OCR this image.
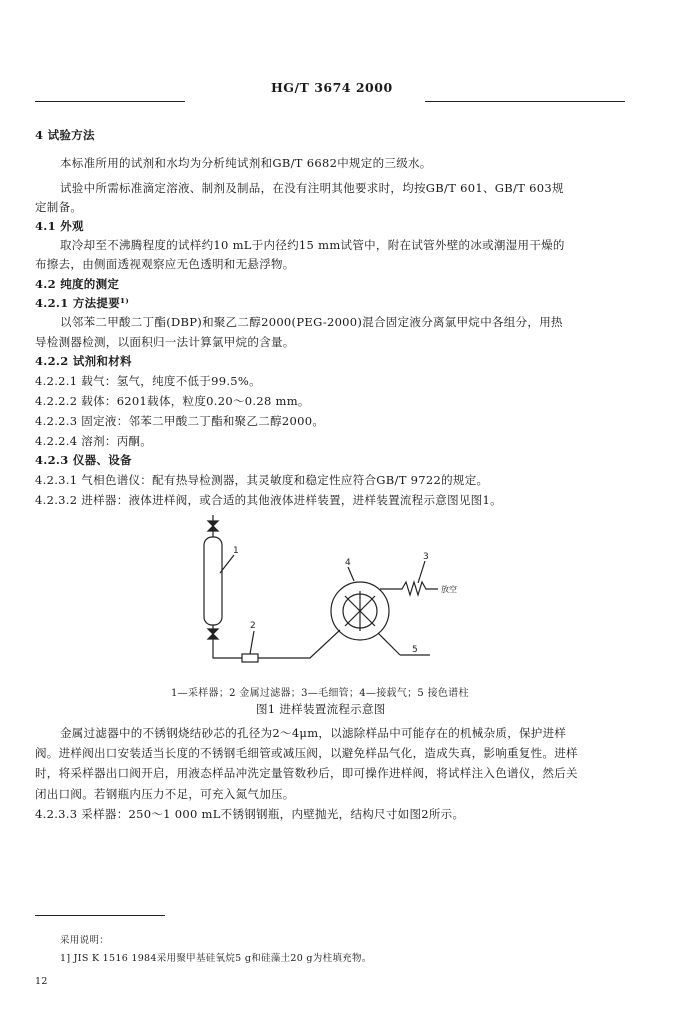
HG/T 3674 2000
4 试验方法
本标准所用的试剂和水均为分析纯试剂和GB/T 6682中规定的三级水。
试验中所需标准滴定溶液、制剂及制品，在没有注明其他要求时，均按GB/T 601、GB/T 603规
定制备。
4.1 外观
取冷却至不沸腾程度的试样约10 mL于内径约15 mm试管中，附在试管外壁的冰或潮湿用干燥的
布擦去，由侧面透视观察应无色透明和无悬浮物。
4.2 纯度的测定
4.2.1 方法提要¹⁾
以邻苯二甲酸二丁酯(DBP)和聚乙二醇2000(PEG-2000)混合固定液分离氯甲烷中各组分，用热
导检测器检测，以面积归一法计算氯甲烷的含量。
4.2.2 试剂和材料
4.2.2.1 载气：氢气，纯度不低于99.5%。
4.2.2.2 载体：6201载体，粒度0.20～0.28 mm。
4.2.2.3 固定液：邻苯二甲酸二丁酯和聚乙二醇2000。
4.2.2.4 溶剂：丙酮。
4.2.3 仪器、设备
4.2.3.1 气相色谱仪：配有热导检测器，其灵敏度和稳定性应符合GB/T 9722的规定。
4.2.3.2 进样器：液体进样阀，或合适的其他液体进样装置，进样装置流程示意图见图1。
1
2
3
4
5
放空
1—采样器；2 金属过滤器；3—毛细管；4—接载气；5 接色谱柱
图1 进样装置流程示意图
金属过滤器中的不锈钢烧结砂芯的孔径为2～4μm，以滤除样品中可能存在的机械杂质，保护进样
阀。进样阀出口安装适当长度的不锈钢毛细管或减压阀，以避免样品气化，造成失真，影响重复性。进样
时，将采样器出口阀开启，用液态样品冲洗定量管数秒后，即可操作进样阀，将试样注入色谱仪，然后关
闭出口阀。若钢瓶内压力不足，可充入氮气加压。
4.2.3.3 采样器：250～1 000 mL不锈钢钢瓶，内壁抛光，结构尺寸如图2所示。
采用说明：
1] JIS K 1516 1984采用聚甲基硅氧烷5 g和硅藻土20 g为柱填充物。
12
